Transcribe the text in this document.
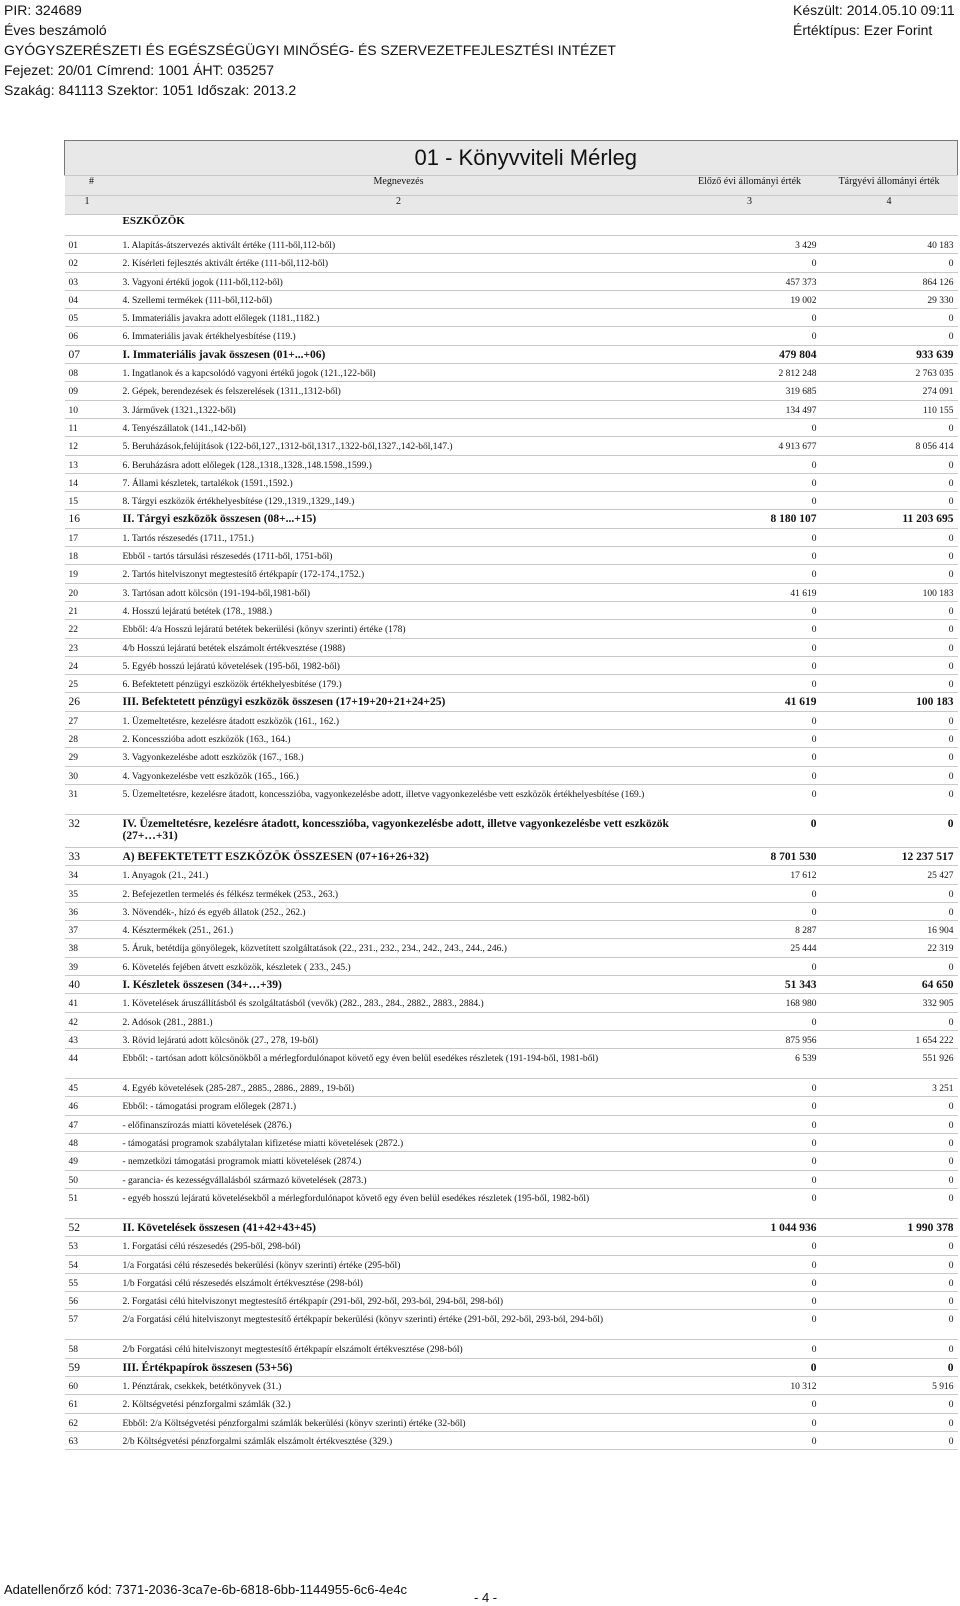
PIR: 324689
Éves beszámoló
GYÓGYSZERÉSZETI ÉS EGÉSZSÉGÜGYI MINŐSÉG- ÉS SZERVEZETFEJLESZTÉSI INTÉZET
Fejezet: 20/01 Címrend: 1001 ÁHT: 035257
Szakág: 841113 Szektor: 1051 Időszak: 2013.2
Készült: 2014.05.10 09:11
Értéktípus: Ezer Forint
01 - Könyvviteli Mérleg			
#	Megnevezés	Előző évi állományi érték	Tárgyévi állományi érték
1	2	3	4
	ESZKÖZÖK		
01	1. Alapítás-átszervezés aktivált értéke (111-ből,112-ből)	3 429	40 183
02	2. Kísérleti fejlesztés aktivált értéke (111-ből,112-ből)	0	0
03	3. Vagyoni értékű jogok (111-ből,112-ből)	457 373	864 126
04	4. Szellemi termékek (111-ből,112-ből)	19 002	29 330
05	5. Immateriális javakra adott előlegek (1181.,1182.)	0	0
06	6. Immateriális javak értékhelyesbítése (119.)	0	0
07	I. Immateriális javak összesen (01+...+06)	479 804	933 639
08	1. Ingatlanok és a kapcsolódó vagyoni értékű jogok (121.,122-ből)	2 812 248	2 763 035
09	2. Gépek, berendezések és felszerelések (1311.,1312-ből)	319 685	274 091
10	3. Járművek (1321.,1322-ből)	134 497	110 155
11	4. Tenyészállatok (141.,142-ből)	0	0
12	5. Beruházások,felújítások (122-ből,127.,1312-ből,1317.,1322-ből,1327.,142-ből,147.)	4 913 677	8 056 414
13	6. Beruházásra adott előlegek (128.,1318.,1328.,148.1598.,1599.)	0	0
14	7. Állami készletek, tartalékok (1591.,1592.)	0	0
15	8. Tárgyi eszközök értékhelyesbítése (129.,1319.,1329.,149.)	0	0
16	II. Tárgyi eszközök összesen (08+...+15)	8 180 107	11 203 695
17	1. Tartós részesedés (1711., 1751.)	0	0
18	Ebből - tartós társulási részesedés (1711-ből, 1751-ből)	0	0
19	2. Tartós hitelviszonyt megtestesítő értékpapír (172-174.,1752.)	0	0
20	3. Tartósan adott kölcsön (191-194-ből,1981-ből)	41 619	100 183
21	4. Hosszú lejáratú betétek (178., 1988.)	0	0
22	Ebből: 4/a Hosszú lejáratú betétek bekerülési (könyv szerinti) értéke (178)	0	0
23	4/b Hosszú lejáratú betétek elszámolt értékvesztése (1988)	0	0
24	5. Egyéb hosszú lejáratú követelések (195-ből, 1982-ből)	0	0
25	6. Befektetett pénzügyi eszközök értékhelyesbítése (179.)	0	0
26	III. Befektetett pénzügyi eszközök összesen (17+19+20+21+24+25)	41 619	100 183
27	1. Üzemeltetésre, kezelésre átadott eszközök (161., 162.)	0	0
28	2. Koncesszióba adott eszközök (163., 164.)	0	0
29	3. Vagyonkezelésbe adott eszközök (167., 168.)	0	0
30	4. Vagyonkezelésbe vett eszközök (165., 166.)	0	0
31	5. Üzemeltetésre, kezelésre átadott, koncesszióba, vagyonkezelésbe adott, illetve vagyonkezelésbe vett eszközök értékhelyesbítése (169.)	0	0
32	IV. Üzemeltetésre, kezelésre átadott, koncesszióba, vagyonkezelésbe adott, illetve vagyonkezelésbe vett eszközök (27+…+31)	0	0
33	A) BEFEKTETETT ESZKÖZÖK ÖSSZESEN (07+16+26+32)	8 701 530	12 237 517
34	1. Anyagok (21., 241.)	17 612	25 427
35	2. Befejezetlen termelés és félkész termékek (253., 263.)	0	0
36	3. Növendék-, hízó és egyéb állatok (252., 262.)	0	0
37	4. Késztermékek (251., 261.)	8 287	16 904
38	5. Áruk, betétdíja gönyölegek, közvetített szolgáltatások (22., 231., 232., 234., 242., 243., 244., 246.)	25 444	22 319
39	6. Követelés fejében átvett eszközök, készletek ( 233., 245.)	0	0
40	I. Készletek összesen (34+…+39)	51 343	64 650
41	1. Követelések áruszállításból és szolgáltatásból (vevők) (282., 283., 284., 2882., 2883., 2884.)	168 980	332 905
42	2. Adósok (281., 2881.)	0	0
43	3. Rövid lejáratú adott kölcsönök (27., 278, 19-ből)	875 956	1 654 222
44	Ebből: - tartósan adott kölcsönökből a mérlegfordulónapot követő egy éven belül esedékes részletek (191-194-ből, 1981-ből)	6 539	551 926
45	4. Egyéb követelések (285-287., 2885., 2886., 2889., 19-ből)	0	3 251
46	Ebből: - támogatási program előlegek (2871.)	0	0
47	- előfinanszírozás miatti követelések (2876.)	0	0
48	- támogatási programok szabálytalan kifizetése miatti követelések (2872.)	0	0
49	- nemzetközi támogatási programok miatti követelések (2874.)	0	0
50	- garancia- és kezességvállalásból származó követelések (2873.)	0	0
51	- egyéb hosszú lejáratú követelésekből a mérlegfordulónapot követő egy éven belül esedékes részletek (195-ből, 1982-ből)	0	0
52	II. Követelések összesen (41+42+43+45)	1 044 936	1 990 378
53	1. Forgatási célú részesedés (295-ből, 298-ból)	0	0
54	1/a Forgatási célú részesedés bekerülési (könyv szerinti) értéke (295-ből)	0	0
55	1/b Forgatási célú részesedés elszámolt értékvesztése (298-ból)	0	0
56	2. Forgatási célú hitelviszonyt megtestesítő értékpapír (291-ből, 292-ből, 293-ból, 294-ből, 298-ból)	0	0
57	2/a Forgatási célú hitelviszonyt megtestesítő értékpapír bekerülési (könyv szerinti) értéke (291-ből, 292-ből, 293-ból, 294-ből)	0	0
58	2/b Forgatási célú hitelviszonyt megtestesítő értékpapír elszámolt értékvesztése (298-ból)	0	0
59	III. Értékpapírok összesen (53+56)	0	0
60	1. Pénztárak, csekkek, betétkönyvek (31.)	10 312	5 916
61	2. Költségvetési pénzforgalmi számlák (32.)	0	0
62	Ebből: 2/a Költségvetési pénzforgalmi számlák bekerülési (könyv szerinti) értéke (32-ből)	0	0
63	2/b Költségvetési pénzforgalmi számlák elszámolt értékvesztése (329.)	0	0
Adatellenőrző kód: 7371-2036-3ca7e-6b-6818-6bb-1144955-6c6-4e4c
- 4 -
